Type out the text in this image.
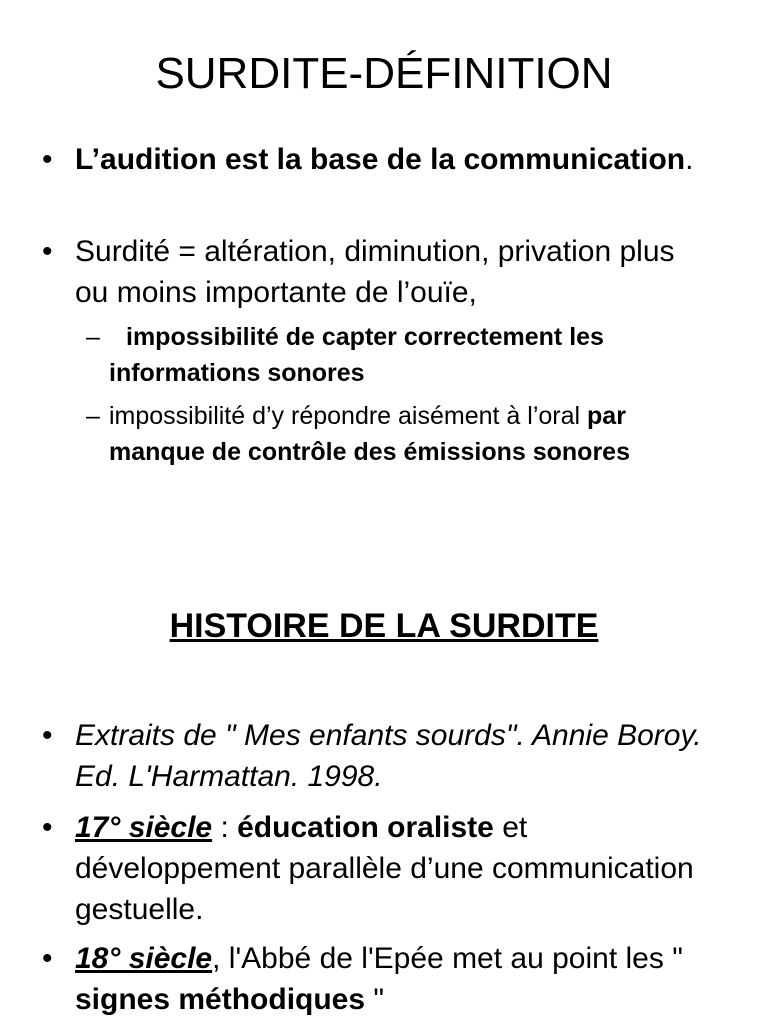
SURDITE-DÉFINITION
• L’audition est la base de la communication.
• Surdité = altération, diminution, privation plus ou moins importante de l’ouïe,
– impossibilité de capter correctement les informations sonores
– impossibilité d’y répondre aisément à l’oral par manque de contrôle des émissions sonores
HISTOIRE DE LA SURDITE
• Extraits de " Mes enfants sourds". Annie Boroy. Ed. L'Harmattan. 1998.
• 17° siècle : éducation oraliste et développement parallèle d’une communication gestuelle.
• 18° siècle, l'Abbé de l'Epée met au point les " signes méthodiques "
